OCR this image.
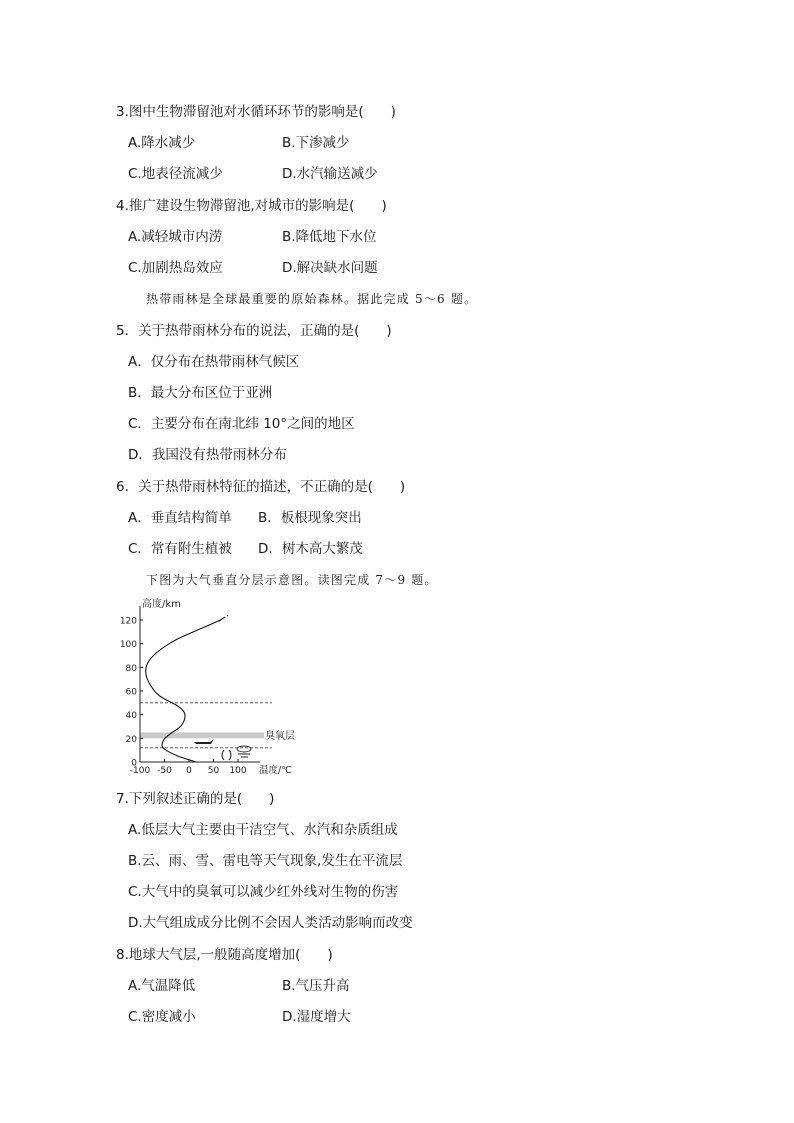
3.图中生物滞留池对水循环环节的影响是(　　)
A.降水减少	B.下渗减少
C.地表径流减少	D.水汽输送减少
4.推广建设生物滞留池,对城市的影响是(　　)
A.减轻城市内涝	B.降低地下水位
C.加剧热岛效应	D.解决缺水问题
热带雨林是全球最重要的原始森林。据此完成 5～6 题。
5．关于热带雨林分布的说法，正确的是(　　)
A．仅分布在热带雨林气候区
B．最大分布区位于亚洲
C．主要分布在南北纬 10°之间的地区
D．我国没有热带雨林分布
6．关于热带雨林特征的描述，不正确的是(　　)
A．垂直结构简单 B．板根现象突出
C．常有附生植被 D．树木高大繁茂
下图为大气垂直分层示意图。读图完成 7～9 题。
0
20
40
60
80
100
120
-100 -50 0 50 100
高度/km
温度/℃
臭氧层
7.下列叙述正确的是(　　)
A.低层大气主要由干洁空气、水汽和杂质组成
B.云、雨、雪、雷电等天气现象,发生在平流层
C.大气中的臭氧可以减少红外线对生物的伤害
D.大气组成成分比例不会因人类活动影响而改变
8.地球大气层,一般随高度增加(　　)
A.气温降低	B.气压升高
C.密度减小	D.湿度增大
